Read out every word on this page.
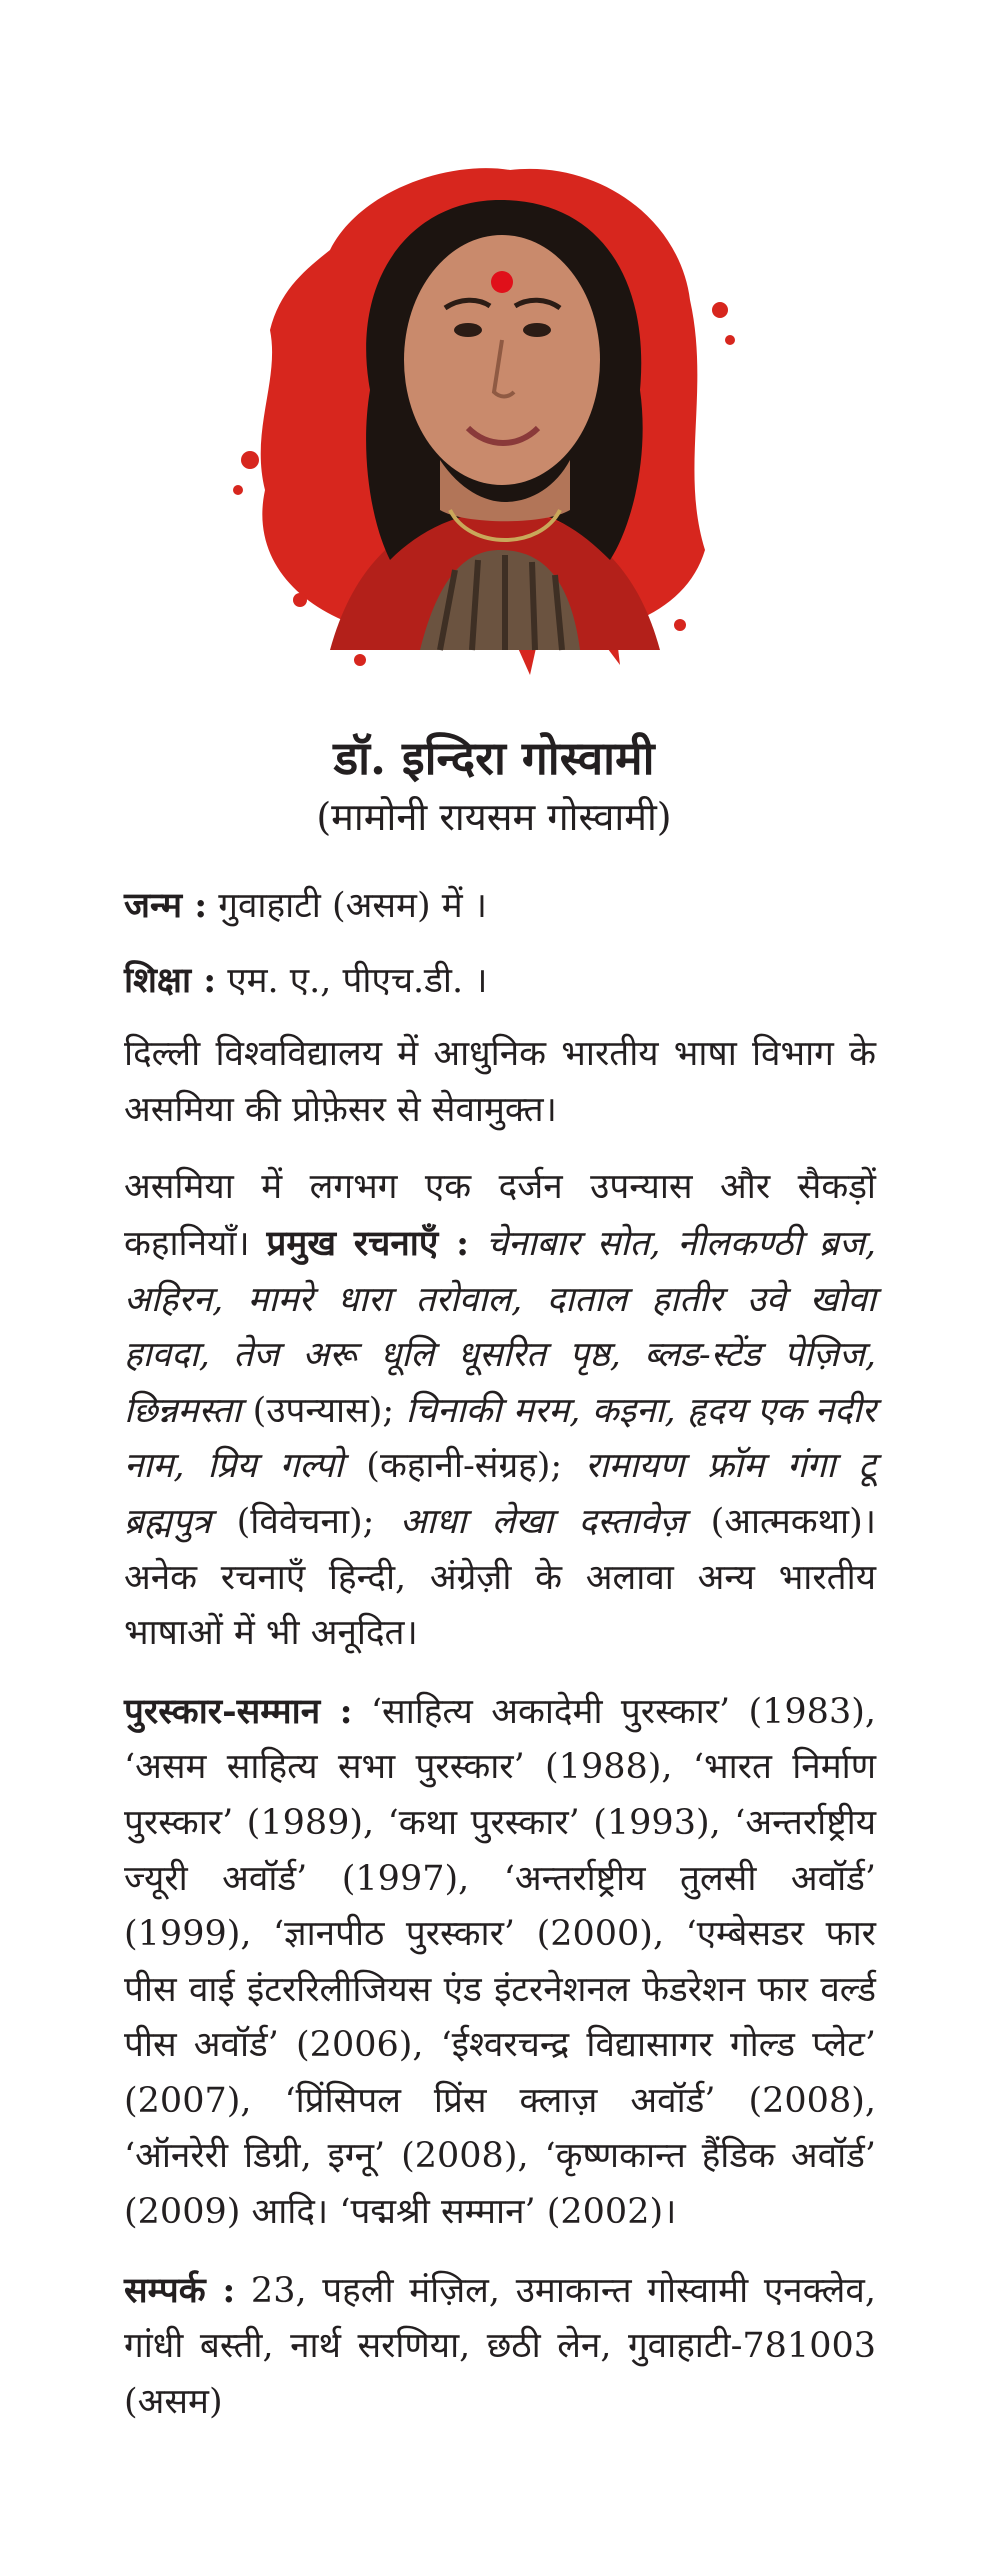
डॉ. इन्दिरा गोस्वामी
(मामोनी रायसम गोस्वामी)

जन्म : गुवाहाटी (असम) में ।

शिक्षा : एम. ए., पीएच.डी. ।

दिल्ली विश्वविद्यालय में आधुनिक भारतीय भाषा विभाग के असमिया की प्रोफ़ेसर से सेवामुक्त।

असमिया में लगभग एक दर्जन उपन्यास और सैकड़ों कहानियाँ। प्रमुख रचनाएँ : चेनाबार सोत, नीलकण्ठी ब्रज, अहिरन, मामरे धारा तरोवाल, दाताल हातीर उवे खोवा हावदा, तेज अरू धूलि धूसरित पृष्ठ, ब्लड-स्टेंड पेज़िज, छिन्नमस्ता (उपन्यास); चिनाकी मरम, कइना, हृदय एक नदीर नाम, प्रिय गल्पो (कहानी-संग्रह); रामायण फ्रॉम गंगा टू ब्रह्मपुत्र (विवेचना); आधा लेखा दस्तावेज़ (आत्मकथा)। अनेक रचनाएँ हिन्दी, अंग्रेज़ी के अलावा अन्य भारतीय भाषाओं में भी अनूदित।

पुरस्कार-सम्मान : ‘साहित्य अकादेमी पुरस्कार’ (1983), ‘असम साहित्य सभा पुरस्कार’ (1988), ‘भारत निर्माण पुरस्कार’ (1989), ‘कथा पुरस्कार’ (1993), ‘अन्तर्राष्ट्रीय ज्यूरी अवॉर्ड’ (1997), ‘अन्तर्राष्ट्रीय तुलसी अवॉर्ड’ (1999), ‘ज्ञानपीठ पुरस्कार’ (2000), ‘एम्बेसडर फार पीस वाई इंटररिलीजियस एंड इंटरनेशनल फेडरेशन फार वर्ल्ड पीस अवॉर्ड’ (2006), ‘ईश्वरचन्द्र विद्यासागर गोल्ड प्लेट’ (2007), ‘प्रिंसिपल प्रिंस क्लाज़ अवॉर्ड’ (2008), ‘ऑनरेरी डिग्री, इग्नू’ (2008), ‘कृष्णकान्त हैंडिक अवॉर्ड’ (2009) आदि। ‘पद्मश्री सम्मान’ (2002)।

सम्पर्क : 23, पहली मंज़िल, उमाकान्त गोस्वामी एनक्लेव, गांधी बस्ती, नार्थ सरणिया, छठी लेन, गुवाहाटी-781003 (असम)
